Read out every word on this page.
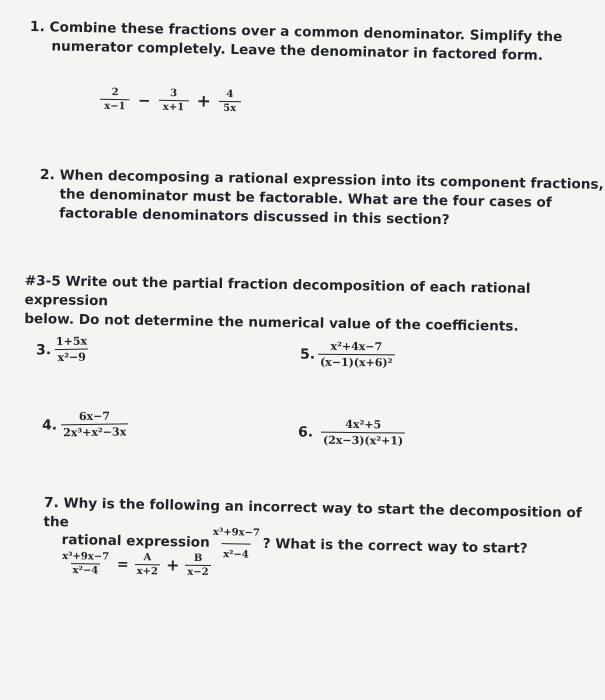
1. Combine these fractions over a common denominator. Simplify the
numerator completely. Leave the denominator in factored form.
$\frac{2}{x-1} - \frac{3}{x+1} + \frac{4}{5x}$
2. When decomposing a rational expression into its component fractions,
the denominator must be factorable. What are the four cases of
factorable denominators discussed in this section?
#3-5 Write out the partial fraction decomposition of each rational expression
below. Do not determine the numerical value of the coefficients.
3. $\frac{1+5x}{\text{x²−9}}$	5. $\frac{\text{x²+4x−7}}{\text{(x−1)(x+6)²}}$
4. $\frac{6x-7}{\text{2x³+x²−3x}}$	6. $\frac{\text{4x²+5}}{\text{(2x−3)(x²+1)}}$
7. Why is the following an incorrect way to start the decomposition of the
rational expression $\frac{\text{x³+9x−7}}{\text{x²−4}}$ ? What is the correct way to start?
$\frac{\text{x³+9x−7}}{\text{x²−4}} = \frac{A}{x+2} + \frac{B}{x-2}$
